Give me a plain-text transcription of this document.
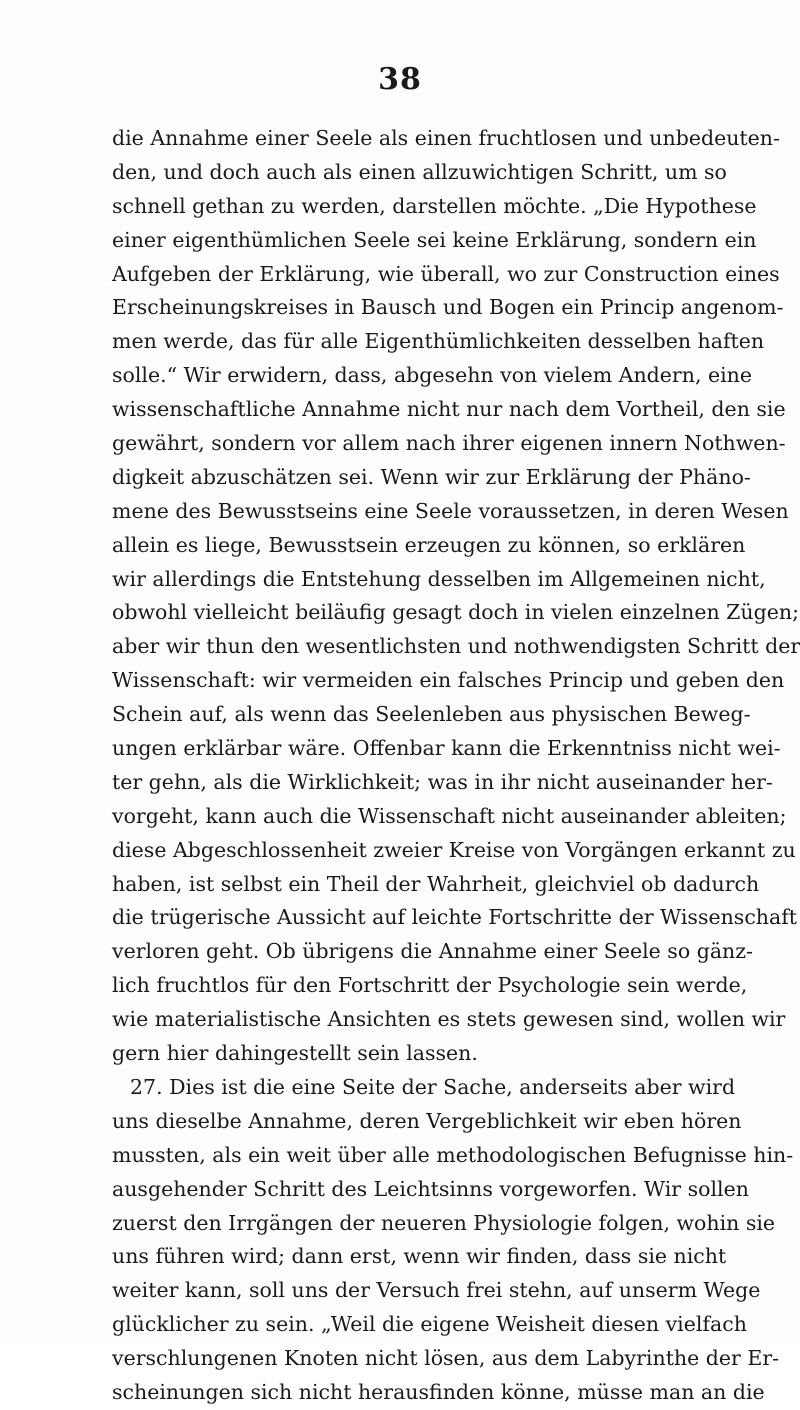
38
die Annahme einer Seele als einen fruchtlosen und unbedeuten-
den, und doch auch als einen allzuwichtigen Schritt, um so
schnell gethan zu werden, darstellen möchte. „Die Hypothese
einer eigenthümlichen Seele sei keine Erklärung, sondern ein
Aufgeben der Erklärung, wie überall, wo zur Construction eines
Erscheinungskreises in Bausch und Bogen ein Princip angenom-
men werde, das für alle Eigenthümlichkeiten desselben haften
solle.“ Wir erwidern, dass, abgesehn von vielem Andern, eine
wissenschaftliche Annahme nicht nur nach dem Vortheil, den sie
gewährt, sondern vor allem nach ihrer eigenen innern Nothwen-
digkeit abzuschätzen sei. Wenn wir zur Erklärung der Phäno-
mene des Bewusstseins eine Seele voraussetzen, in deren Wesen
allein es liege, Bewusstsein erzeugen zu können, so erklären
wir allerdings die Entstehung desselben im Allgemeinen nicht,
obwohl vielleicht beiläufig gesagt doch in vielen einzelnen Zügen;
aber wir thun den wesentlichsten und nothwendigsten Schritt der
Wissenschaft: wir vermeiden ein falsches Princip und geben den
Schein auf, als wenn das Seelenleben aus physischen Beweg-
ungen erklärbar wäre. Offenbar kann die Erkenntniss nicht wei-
ter gehn, als die Wirklichkeit; was in ihr nicht auseinander her-
vorgeht, kann auch die Wissenschaft nicht auseinander ableiten;
diese Abgeschlossenheit zweier Kreise von Vorgängen erkannt zu
haben, ist selbst ein Theil der Wahrheit, gleichviel ob dadurch
die trügerische Aussicht auf leichte Fortschritte der Wissenschaft
verloren geht. Ob übrigens die Annahme einer Seele so gänz-
lich fruchtlos für den Fortschritt der Psychologie sein werde,
wie materialistische Ansichten es stets gewesen sind, wollen wir
gern hier dahingestellt sein lassen.
27. Dies ist die eine Seite der Sache, anderseits aber wird
uns dieselbe Annahme, deren Vergeblichkeit wir eben hören
mussten, als ein weit über alle methodologischen Befugnisse hin-
ausgehender Schritt des Leichtsinns vorgeworfen. Wir sollen
zuerst den Irrgängen der neueren Physiologie folgen, wohin sie
uns führen wird; dann erst, wenn wir finden, dass sie nicht
weiter kann, soll uns der Versuch frei stehn, auf unserm Wege
glücklicher zu sein. „Weil die eigene Weisheit diesen vielfach
verschlungenen Knoten nicht lösen, aus dem Labyrinthe der Er-
scheinungen sich nicht herausfinden könne, müsse man an die
